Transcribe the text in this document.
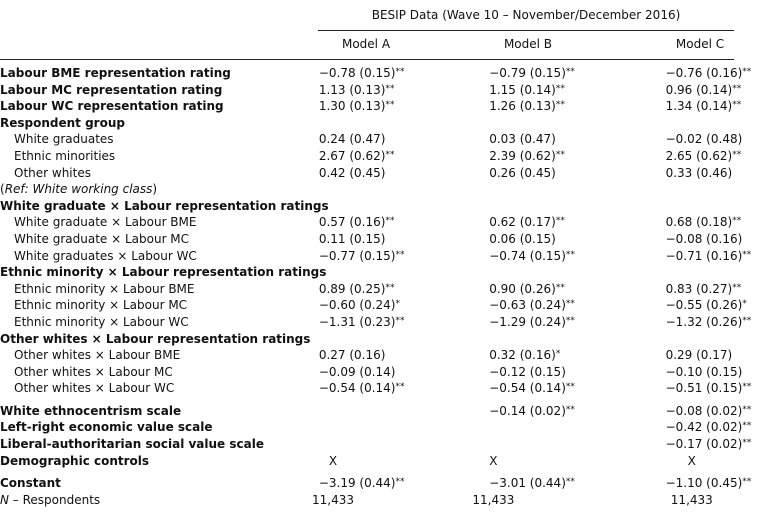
BESIP Data (Wave 10 – November/December 2016)
Model A	Model B	Model C
Labour BME representation rating	−0.78 (0.15)**	−0.79 (0.15)**	−0.76 (0.16)**
Labour MC representation rating	1.13 (0.13)**	1.15 (0.14)**	0.96 (0.14)**
Labour WC representation rating	1.30 (0.13)**	1.26 (0.13)**	1.34 (0.14)**
Respondent group			
White graduates	0.24 (0.47)	0.03 (0.47)	−0.02 (0.48)
Ethnic minorities	2.67 (0.62)**	2.39 (0.62)**	2.65 (0.62)**
Other whites	0.42 (0.45)	0.26 (0.45)	0.33 (0.46)
(Ref: White working class)			
White graduate × Labour representation ratings			
White graduate × Labour BME	0.57 (0.16)**	0.62 (0.17)**	0.68 (0.18)**
White graduate × Labour MC	0.11 (0.15)	0.06 (0.15)	−0.08 (0.16)
White graduates × Labour WC	−0.77 (0.15)**	−0.74 (0.15)**	−0.71 (0.16)**
Ethnic minority × Labour representation ratings			
Ethnic minority × Labour BME	0.89 (0.25)**	0.90 (0.26)**	0.83 (0.27)**
Ethnic minority × Labour MC	−0.60 (0.24)*	−0.63 (0.24)**	−0.55 (0.26)*
Ethnic minority × Labour WC	−1.31 (0.23)**	−1.29 (0.24)**	−1.32 (0.26)**
Other whites × Labour representation ratings			
Other whites × Labour BME	0.27 (0.16)	0.32 (0.16)*	0.29 (0.17)
Other whites × Labour MC	−0.09 (0.14)	−0.12 (0.15)	−0.10 (0.15)
Other whites × Labour WC	−0.54 (0.14)**	−0.54 (0.14)**	−0.51 (0.15)**

White ethnocentrism scale		−0.14 (0.02)**	−0.08 (0.02)**
Left-right economic value scale			−0.42 (0.02)**
Liberal-authoritarian social value scale			−0.17 (0.02)**
Demographic controls	X	X	X

Constant	−3.19 (0.44)**	−3.01 (0.44)**	−1.10 (0.45)**
N – Respondents	11,433	11,433	11,433
